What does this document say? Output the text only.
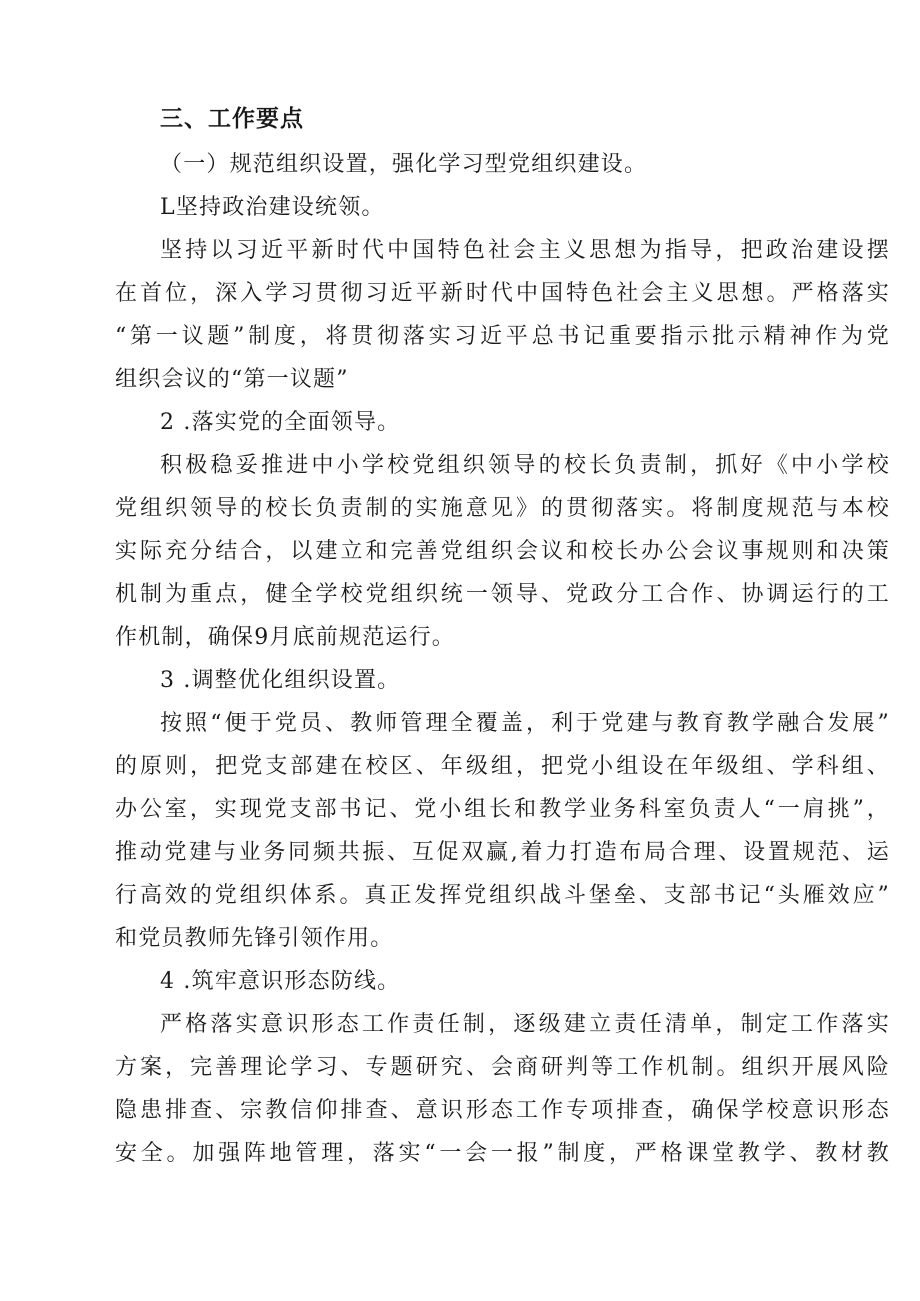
三、工作要点
（一）规范组织设置，强化学习型党组织建设。
L坚持政治建设统领。
坚持以习近平新时代中国特色社会主义思想为指导，把政治建设摆
在首位，深入学习贯彻习近平新时代中国特色社会主义思想。严格落实
“第一议题”制度，将贯彻落实习近平总书记重要指示批示精神作为党
组织会议的“第一议题”
2 .落实党的全面领导。
积极稳妥推进中小学校党组织领导的校长负责制，抓好《中小学校
党组织领导的校长负责制的实施意见》的贯彻落实。将制度规范与本校
实际充分结合，以建立和完善党组织会议和校长办公会议事规则和决策
机制为重点，健全学校党组织统一领导、党政分工合作、协调运行的工
作机制，确保9月底前规范运行。
3 .调整优化组织设置。
按照“便于党员、教师管理全覆盖，利于党建与教育教学融合发展”
的原则，把党支部建在校区、年级组，把党小组设在年级组、学科组、
办公室，实现党支部书记、党小组长和教学业务科室负责人“一肩挑”，
推动党建与业务同频共振、互促双赢,着力打造布局合理、设置规范、运
行高效的党组织体系。真正发挥党组织战斗堡垒、支部书记“头雁效应”
和党员教师先锋引领作用。
4 .筑牢意识形态防线。
严格落实意识形态工作责任制，逐级建立责任清单，制定工作落实
方案，完善理论学习、专题研究、会商研判等工作机制。组织开展风险
隐患排查、宗教信仰排查、意识形态工作专项排查，确保学校意识形态
安全。加强阵地管理，落实“一会一报”制度，严格课堂教学、教材教
